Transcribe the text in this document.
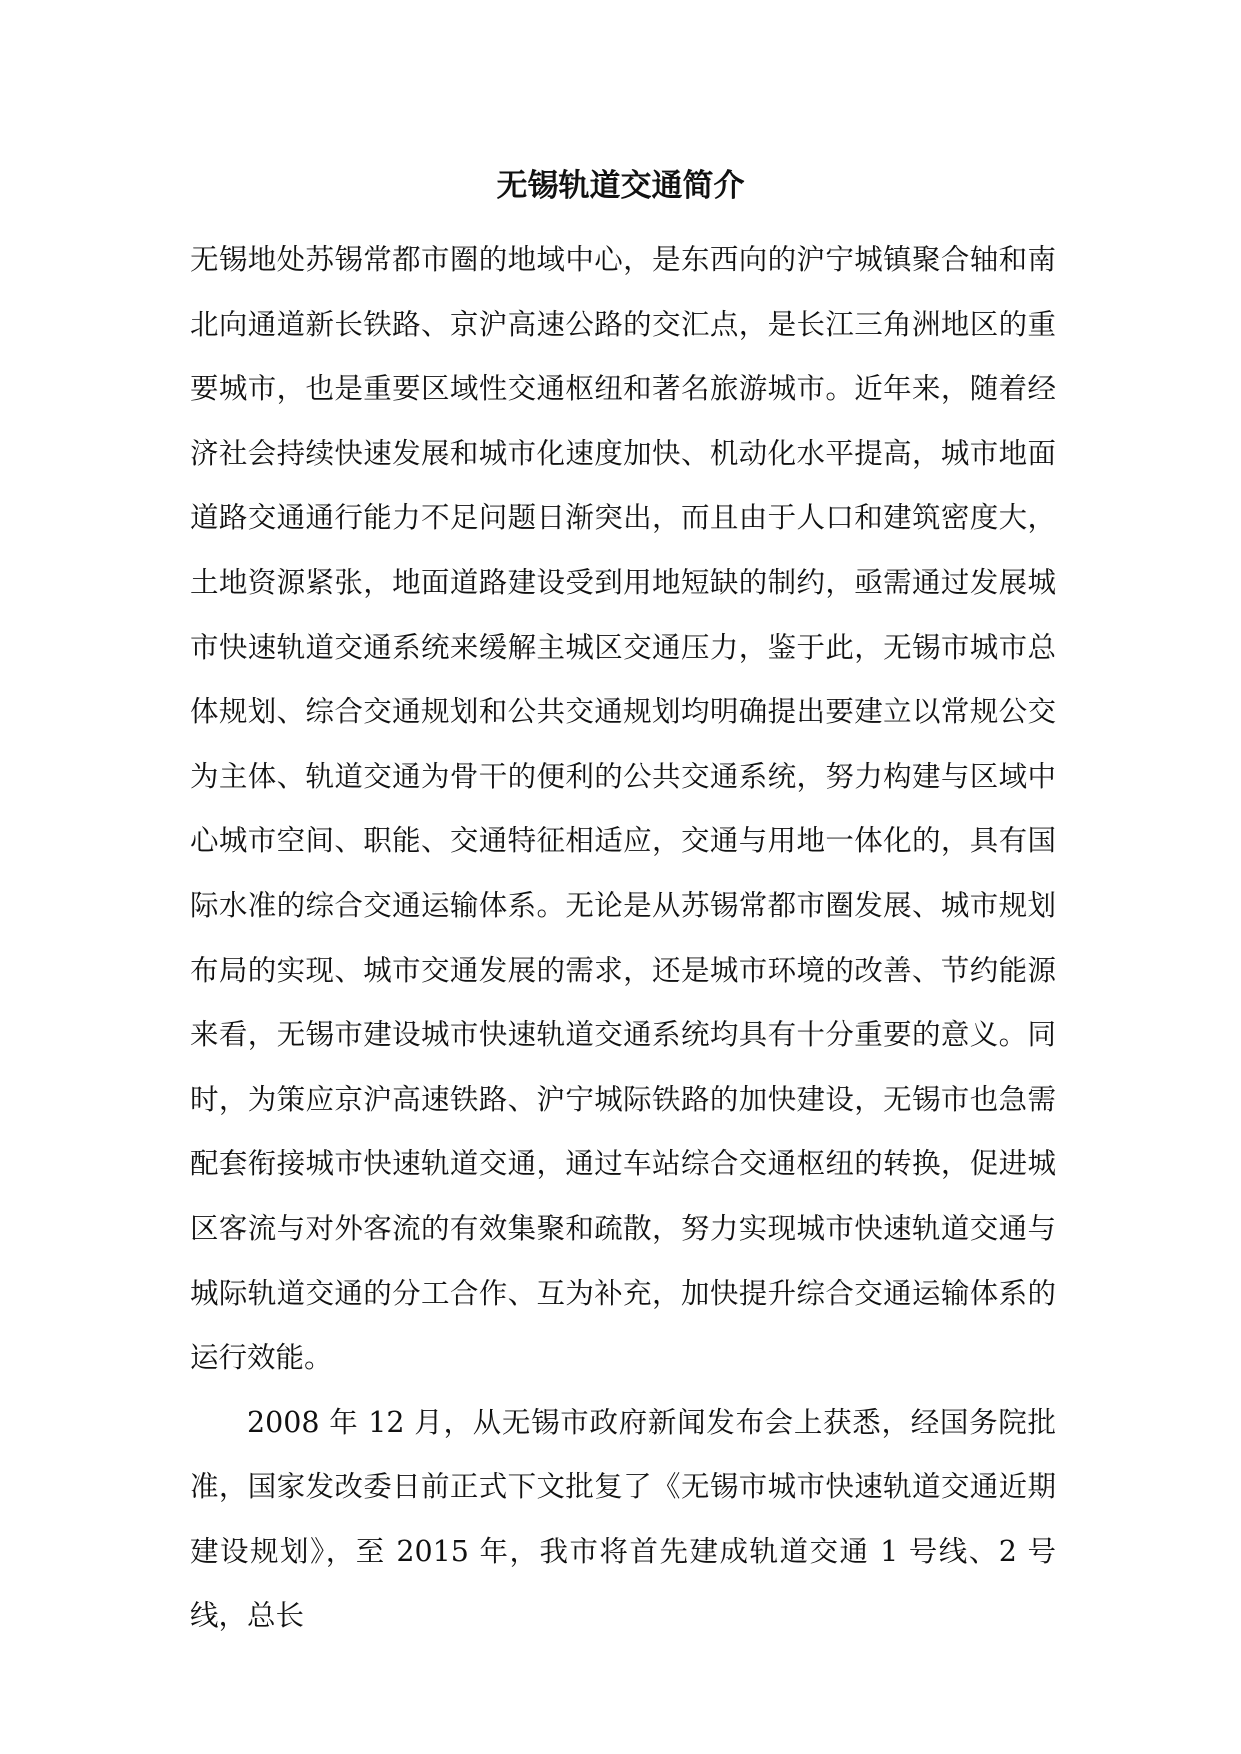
无锡轨道交通简介

无锡地处苏锡常都市圈的地域中心，是东西向的沪宁城镇聚合轴和南北向通道新长铁路、京沪高速公路的交汇点，是长江三角洲地区的重要城市，也是重要区域性交通枢纽和著名旅游城市。近年来，随着经济社会持续快速发展和城市化速度加快、机动化水平提高，城市地面道路交通通行能力不足问题日渐突出，而且由于人口和建筑密度大，土地资源紧张，地面道路建设受到用地短缺的制约，亟需通过发展城市快速轨道交通系统来缓解主城区交通压力，鉴于此，无锡市城市总体规划、综合交通规划和公共交通规划均明确提出要建立以常规公交为主体、轨道交通为骨干的便利的公共交通系统，努力构建与区域中心城市空间、职能、交通特征相适应，交通与用地一体化的，具有国际水准的综合交通运输体系。无论是从苏锡常都市圈发展、城市规划布局的实现、城市交通发展的需求，还是城市环境的改善、节约能源来看，无锡市建设城市快速轨道交通系统均具有十分重要的意义。同时，为策应京沪高速铁路、沪宁城际铁路的加快建设，无锡市也急需配套衔接城市快速轨道交通，通过车站综合交通枢纽的转换，促进城区客流与对外客流的有效集聚和疏散，努力实现城市快速轨道交通与城际轨道交通的分工合作、互为补充，加快提升综合交通运输体系的运行效能。

2008 年 12 月，从无锡市政府新闻发布会上获悉，经国务院批准，国家发改委日前正式下文批复了《无锡市城市快速轨道交通近期建设规划》，至 2015 年，我市将首先建成轨道交通 1 号线、2 号线，总长
